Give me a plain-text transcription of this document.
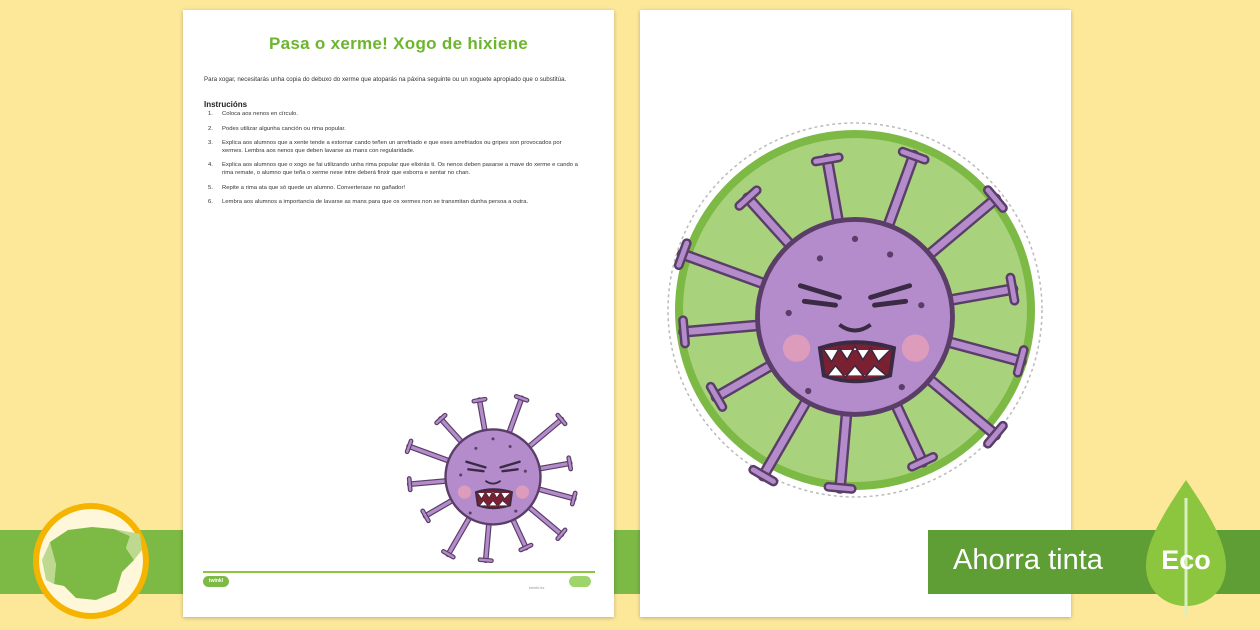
Pasa o xerme! Xogo de hixiene
Para xogar, necesitarás unha copia do debuxo do xerme que atoparás na páxina seguinte ou un xoguete apropiado que o substitúa.
Instrucións
1.	Coloca aos nenos en círculo.
2.	Podes utilizar algunha canción ou rima popular.
3.	Explica aos alumnos que a xente tende a estornar cando teñen un arrefriado e que eses arrefriados ou gripes son provocados por xermes. Lembra aos nenos que deben lavarse as mans con regularidade.
4.	Explica aos alumnos que o xogo se fai utilizando unha rima popular que elixirás ti. Os nenos deben pasarse a mave do xerme e cando a rima remate, o alumno que teña o xerme nese intre deberá finxir que esborra e sentar no chan.
5.	Repite a rima ata que só quede un alumno. Converterase no gañador!
6.	Lembra aos alumnos a importancia de lavarse as mans para que os xermes non se transmitan dunha persoa a outra.
twinkl
twinkl.es
Ahorra tinta	Eco
